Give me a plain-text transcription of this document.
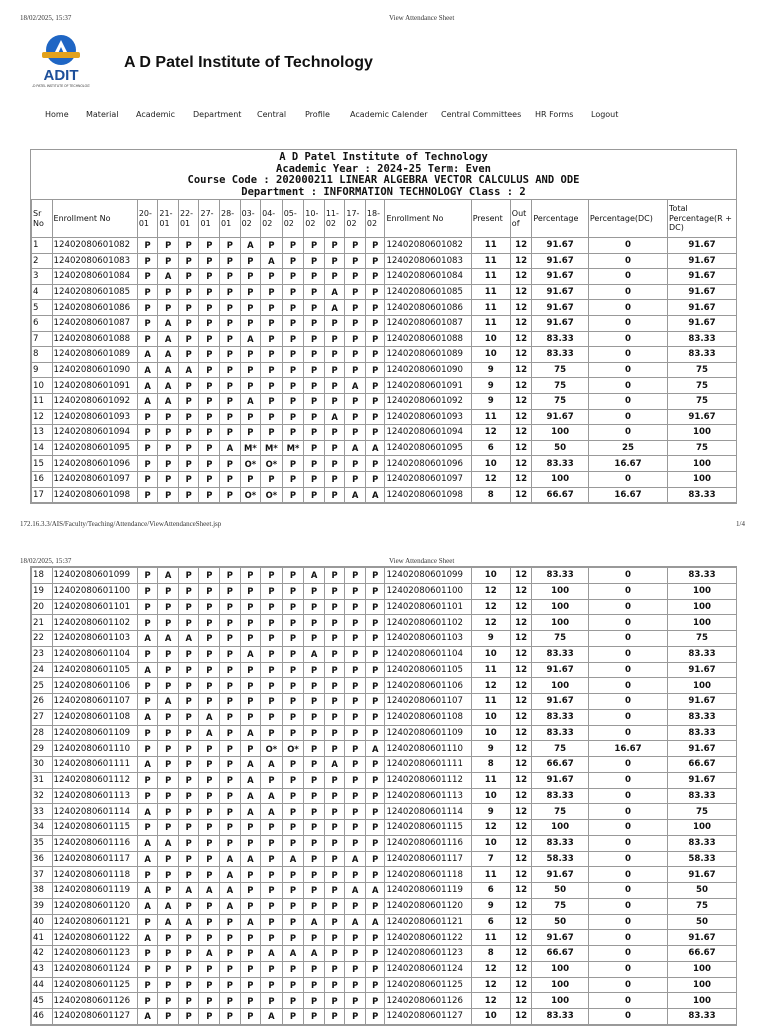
18/02/2025, 15:37	View Attendance Sheet
ADIT
A D PATEL INSTITUTE OF TECHNOLOGY
A D Patel Institute of Technology
Home Material Academic Department Central Profile	Academic Calender Central Committees HR Forms Logout
A D Patel Institute of Technology
Academic Year : 2024-25 Term: Even
Course Code : 202000211 LINEAR ALGEBRA VECTOR CALCULUS AND ODE
Department : INFORMATION TECHNOLOGY Class : 2
Sr No	Enrollment No	20-01	21-01	22-01	27-01	28-01	03-02	04-02	05-02	10-02	11-02	17-02	18-02	Enrollment No	Present	Out of	Percentage	Percentage(DC)	Total Percentage(R + DC)
1	12402080601082	P	P	P	P	P	A	P	P	P	P	P	P	12402080601082	11	12	91.67	0	91.67
2	12402080601083	P	P	P	P	P	P	A	P	P	P	P	P	12402080601083	11	12	91.67	0	91.67
3	12402080601084	P	A	P	P	P	P	P	P	P	P	P	P	12402080601084	11	12	91.67	0	91.67
4	12402080601085	P	P	P	P	P	P	P	P	P	A	P	P	12402080601085	11	12	91.67	0	91.67
5	12402080601086	P	P	P	P	P	P	P	P	P	A	P	P	12402080601086	11	12	91.67	0	91.67
6	12402080601087	P	A	P	P	P	P	P	P	P	P	P	P	12402080601087	11	12	91.67	0	91.67
7	12402080601088	P	A	P	P	P	A	P	P	P	P	P	P	12402080601088	10	12	83.33	0	83.33
8	12402080601089	A	A	P	P	P	P	P	P	P	P	P	P	12402080601089	10	12	83.33	0	83.33
9	12402080601090	A	A	A	P	P	P	P	P	P	P	P	P	12402080601090	9	12	75	0	75
10	12402080601091	A	A	P	P	P	P	P	P	P	P	A	P	12402080601091	9	12	75	0	75
11	12402080601092	A	A	P	P	P	A	P	P	P	P	P	P	12402080601092	9	12	75	0	75
12	12402080601093	P	P	P	P	P	P	P	P	P	A	P	P	12402080601093	11	12	91.67	0	91.67
13	12402080601094	P	P	P	P	P	P	P	P	P	P	P	P	12402080601094	12	12	100	0	100
14	12402080601095	P	P	P	P	A	M*	M*	M*	P	P	A	A	12402080601095	6	12	50	25	75
15	12402080601096	P	P	P	P	P	O*	O*	P	P	P	P	P	12402080601096	10	12	83.33	16.67	100
16	12402080601097	P	P	P	P	P	P	P	P	P	P	P	P	12402080601097	12	12	100	0	100
17	12402080601098	P	P	P	P	P	O*	O*	P	P	P	A	A	12402080601098	8	12	66.67	16.67	83.33
172.16.3.3/AIS/Faculty/Teaching/Attendance/ViewAttendanceSheet.jsp	1/4
18/02/2025, 15:37	View Attendance Sheet
18	12402080601099	P	A	P	P	P	P	P	P	A	P	P	P	12402080601099	10	12	83.33	0	83.33
19	12402080601100	P	P	P	P	P	P	P	P	P	P	P	P	12402080601100	12	12	100	0	100
20	12402080601101	P	P	P	P	P	P	P	P	P	P	P	P	12402080601101	12	12	100	0	100
21	12402080601102	P	P	P	P	P	P	P	P	P	P	P	P	12402080601102	12	12	100	0	100
22	12402080601103	A	A	A	P	P	P	P	P	P	P	P	P	12402080601103	9	12	75	0	75
23	12402080601104	P	P	P	P	P	A	P	P	A	P	P	P	12402080601104	10	12	83.33	0	83.33
24	12402080601105	A	P	P	P	P	P	P	P	P	P	P	P	12402080601105	11	12	91.67	0	91.67
25	12402080601106	P	P	P	P	P	P	P	P	P	P	P	P	12402080601106	12	12	100	0	100
26	12402080601107	P	A	P	P	P	P	P	P	P	P	P	P	12402080601107	11	12	91.67	0	91.67
27	12402080601108	A	P	P	A	P	P	P	P	P	P	P	P	12402080601108	10	12	83.33	0	83.33
28	12402080601109	P	P	P	A	P	A	P	P	P	P	P	P	12402080601109	10	12	83.33	0	83.33
29	12402080601110	P	P	P	P	P	P	O*	O*	P	P	P	A	12402080601110	9	12	75	16.67	91.67
30	12402080601111	A	P	P	P	P	A	A	P	P	A	P	P	12402080601111	8	12	66.67	0	66.67
31	12402080601112	P	P	P	P	P	A	P	P	P	P	P	P	12402080601112	11	12	91.67	0	91.67
32	12402080601113	P	P	P	P	P	A	A	P	P	P	P	P	12402080601113	10	12	83.33	0	83.33
33	12402080601114	A	P	P	P	P	A	A	P	P	P	P	P	12402080601114	9	12	75	0	75
34	12402080601115	P	P	P	P	P	P	P	P	P	P	P	P	12402080601115	12	12	100	0	100
35	12402080601116	A	A	P	P	P	P	P	P	P	P	P	P	12402080601116	10	12	83.33	0	83.33
36	12402080601117	A	P	P	P	A	A	P	A	P	P	A	P	12402080601117	7	12	58.33	0	58.33
37	12402080601118	P	P	P	P	A	P	P	P	P	P	P	P	12402080601118	11	12	91.67	0	91.67
38	12402080601119	A	P	A	A	A	P	P	P	P	P	A	A	12402080601119	6	12	50	0	50
39	12402080601120	A	A	P	P	A	P	P	P	P	P	P	P	12402080601120	9	12	75	0	75
40	12402080601121	P	A	A	P	P	A	P	P	A	P	A	A	12402080601121	6	12	50	0	50
41	12402080601122	A	P	P	P	P	P	P	P	P	P	P	P	12402080601122	11	12	91.67	0	91.67
42	12402080601123	P	P	P	A	P	P	A	A	A	P	P	P	12402080601123	8	12	66.67	0	66.67
43	12402080601124	P	P	P	P	P	P	P	P	P	P	P	P	12402080601124	12	12	100	0	100
44	12402080601125	P	P	P	P	P	P	P	P	P	P	P	P	12402080601125	12	12	100	0	100
45	12402080601126	P	P	P	P	P	P	P	P	P	P	P	P	12402080601126	12	12	100	0	100
46	12402080601127	A	P	P	P	P	P	A	P	P	P	P	P	12402080601127	10	12	83.33	0	83.33
